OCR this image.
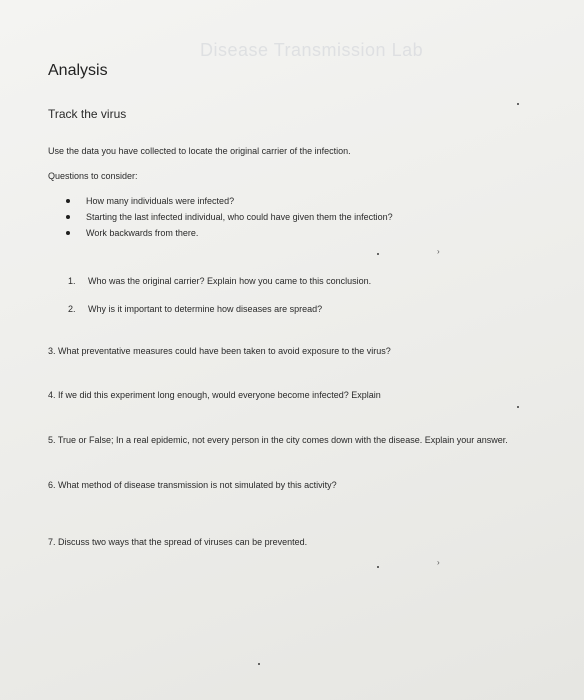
Disease Transmission Lab
Analysis
Track the virus
Use the data you have collected to locate the original carrier of the infection.
Questions to consider:
How many individuals were infected?
Starting the last infected individual, who could have given them the infection?
Work backwards from there.
1. Who was the original carrier? Explain how you came to this conclusion.
2. Why is it important to determine how diseases are spread?
3. What preventative measures could have been taken to avoid exposure to the virus?
4. If we did this experiment long enough, would everyone become infected? Explain
5. True or False; In a real epidemic, not every person in the city comes down with the disease. Explain your answer.
6. What method of disease transmission is not simulated by this activity?
7. Discuss two ways that the spread of viruses can be prevented.
›
›
